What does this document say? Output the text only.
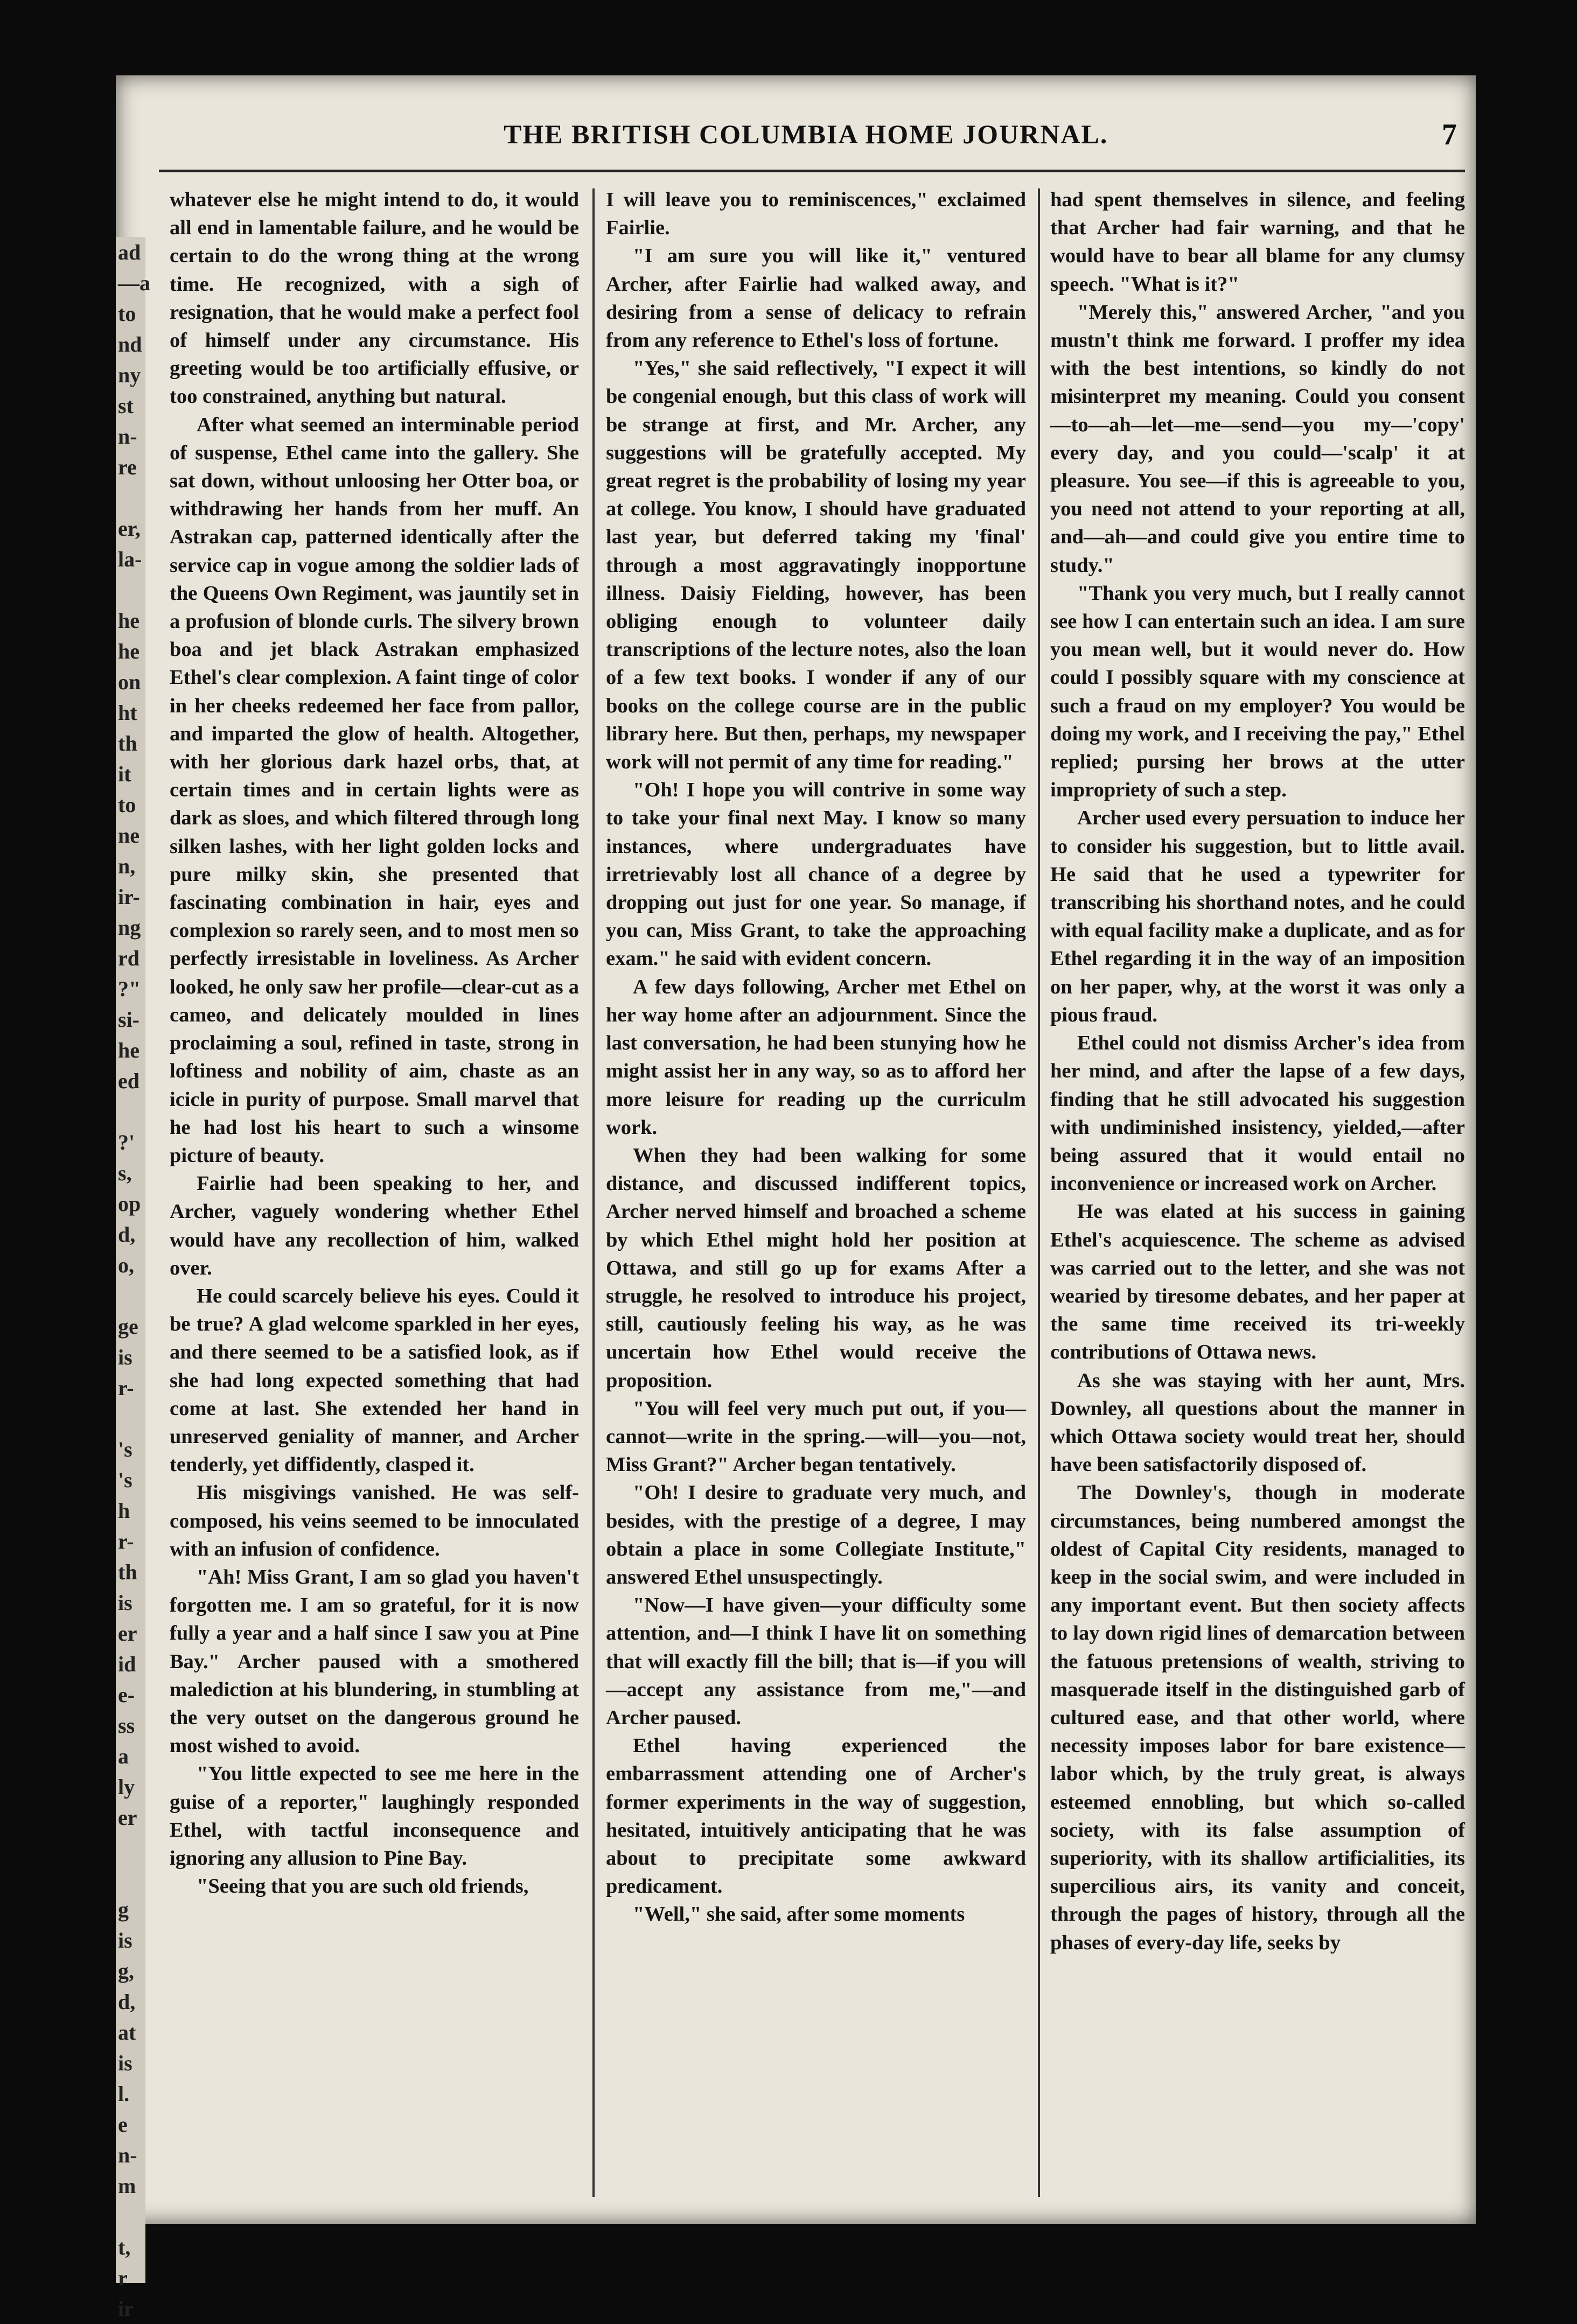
ad
—a
to
nd
ny
st
n-
re

er,
la-

he
he
on
ht
th
it
to
ne
n,
ir-
ng
rd
?"
si-
he
ed

?'
s,
op
d,
o,

ge
is
r-

's
's
h
r-
th
is
er
id
e-
ss
a
ly
er

g
is
g,
d,
at
is
l.
e
n-
m

t,
r
ir
THE BRITISH COLUMBIA HOME JOURNAL.	7

whatever else he might intend to do, it would all end in lamentable failure, and he would be certain to do the wrong thing at the wrong time. He recognized, with a sigh of resignation, that he would make a perfect fool of himself under any circumstance. His greeting would be too artificially effusive, or too constrained, anything but natural.

After what seemed an interminable period of suspense, Ethel came into the gallery. She sat down, without unloosing her Otter boa, or withdrawing her hands from her muff. An Astrakan cap, patterned identically after the service cap in vogue among the soldier lads of the Queens Own Regiment, was jauntily set in a profusion of blonde curls. The silvery brown boa and jet black Astrakan emphasized Ethel's clear complexion. A faint tinge of color in her cheeks redeemed her face from pallor, and imparted the glow of health. Altogether, with her glorious dark hazel orbs, that, at certain times and in certain lights were as dark as sloes, and which filtered through long silken lashes, with her light golden locks and pure milky skin, she presented that fascinating combination in hair, eyes and complexion so rarely seen, and to most men so perfectly irresistable in loveliness. As Archer looked, he only saw her profile—clear-cut as a cameo, and delicately moulded in lines proclaiming a soul, refined in taste, strong in loftiness and nobility of aim, chaste as an icicle in purity of purpose. Small marvel that he had lost his heart to such a winsome picture of beauty.

Fairlie had been speaking to her, and Archer, vaguely wondering whether Ethel would have any recollection of him, walked over.

He could scarcely believe his eyes. Could it be true? A glad welcome sparkled in her eyes, and there seemed to be a satisfied look, as if she had long expected something that had come at last. She extended her hand in unreserved geniality of manner, and Archer tenderly, yet diffidently, clasped it.

His misgivings vanished. He was self-composed, his veins seemed to be innoculated with an infusion of confidence.

"Ah! Miss Grant, I am so glad you haven't forgotten me. I am so grateful, for it is now fully a year and a half since I saw you at Pine Bay." Archer paused with a smothered malediction at his blundering, in stumbling at the very outset on the dangerous ground he most wished to avoid.

"You little expected to see me here in the guise of a reporter," laughingly responded Ethel, with tactful inconsequence and ignoring any allusion to Pine Bay.

"Seeing that you are such old friends,

I will leave you to reminiscences," exclaimed Fairlie.

"I am sure you will like it," ventured Archer, after Fairlie had walked away, and desiring from a sense of delicacy to refrain from any reference to Ethel's loss of fortune.

"Yes," she said reflectively, "I expect it will be congenial enough, but this class of work will be strange at first, and Mr. Archer, any suggestions will be gratefully accepted. My great regret is the probability of losing my year at college. You know, I should have graduated last year, but deferred taking my 'final' through a most aggravatingly inopportune illness. Daisiy Fielding, however, has been obliging enough to volunteer daily transcriptions of the lecture notes, also the loan of a few text books. I wonder if any of our books on the college course are in the public library here. But then, perhaps, my newspaper work will not permit of any time for reading."

"Oh! I hope you will contrive in some way to take your final next May. I know so many instances, where undergraduates have irretrievably lost all chance of a degree by dropping out just for one year. So manage, if you can, Miss Grant, to take the approaching exam." he said with evident concern.

A few days following, Archer met Ethel on her way home after an adjournment. Since the last conversation, he had been stunying how he might assist her in any way, so as to afford her more leisure for reading up the curriculm work.

When they had been walking for some distance, and discussed indifferent topics, Archer nerved himself and broached a scheme by which Ethel might hold her position at Ottawa, and still go up for exams After a struggle, he resolved to introduce his project, still, cautiously feeling his way, as he was uncertain how Ethel would receive the proposition.

"You will feel very much put out, if you—cannot—write in the spring.—will—you—not, Miss Grant?" Archer began tentatively.

"Oh! I desire to graduate very much, and besides, with the prestige of a degree, I may obtain a place in some Collegiate Institute," answered Ethel unsuspectingly.

"Now—I have given—your difficulty some attention, and—I think I have lit on something that will exactly fill the bill; that is—if you will—accept any assistance from me,"—and Archer paused.

Ethel having experienced the embarrassment attending one of Archer's former experiments in the way of suggestion, hesitated, intuitively anticipating that he was about to precipitate some awkward predicament.

"Well," she said, after some moments

had spent themselves in silence, and feeling that Archer had fair warning, and that he would have to bear all blame for any clumsy speech. "What is it?"

"Merely this," answered Archer, "and you mustn't think me forward. I proffer my idea with the best intentions, so kindly do not misinterpret my meaning. Could you consent—to—ah—let—me—send—you my—'copy' every day, and you could—'scalp' it at pleasure. You see—if this is agreeable to you, you need not attend to your reporting at all, and—ah—and could give you entire time to study."

"Thank you very much, but I really cannot see how I can entertain such an idea. I am sure you mean well, but it would never do. How could I possibly square with my conscience at such a fraud on my employer? You would be doing my work, and I receiving the pay," Ethel replied; pursing her brows at the utter impropriety of such a step.

Archer used every persuation to induce her to consider his suggestion, but to little avail. He said that he used a typewriter for transcribing his shorthand notes, and he could with equal facility make a duplicate, and as for Ethel regarding it in the way of an imposition on her paper, why, at the worst it was only a pious fraud.

Ethel could not dismiss Archer's idea from her mind, and after the lapse of a few days, finding that he still advocated his suggestion with undiminished insistency, yielded,—after being assured that it would entail no inconvenience or increased work on Archer.

He was elated at his success in gaining Ethel's acquiescence. The scheme as advised was carried out to the letter, and she was not wearied by tiresome debates, and her paper at the same time received its tri-weekly contributions of Ottawa news.

As she was staying with her aunt, Mrs. Downley, all questions about the manner in which Ottawa society would treat her, should have been satisfactorily disposed of.

The Downley's, though in moderate circumstances, being numbered amongst the oldest of Capital City residents, managed to keep in the social swim, and were included in any important event. But then society affects to lay down rigid lines of demarcation between the fatuous pretensions of wealth, striving to masquerade itself in the distinguished garb of cultured ease, and that other world, where necessity imposes labor for bare existence—labor which, by the truly great, is always esteemed ennobling, but which so-called society, with its false assumption of superiority, with its shallow artificialities, its supercilious airs, its vanity and conceit, through the pages of history, through all the phases of every-day life, seeks by
